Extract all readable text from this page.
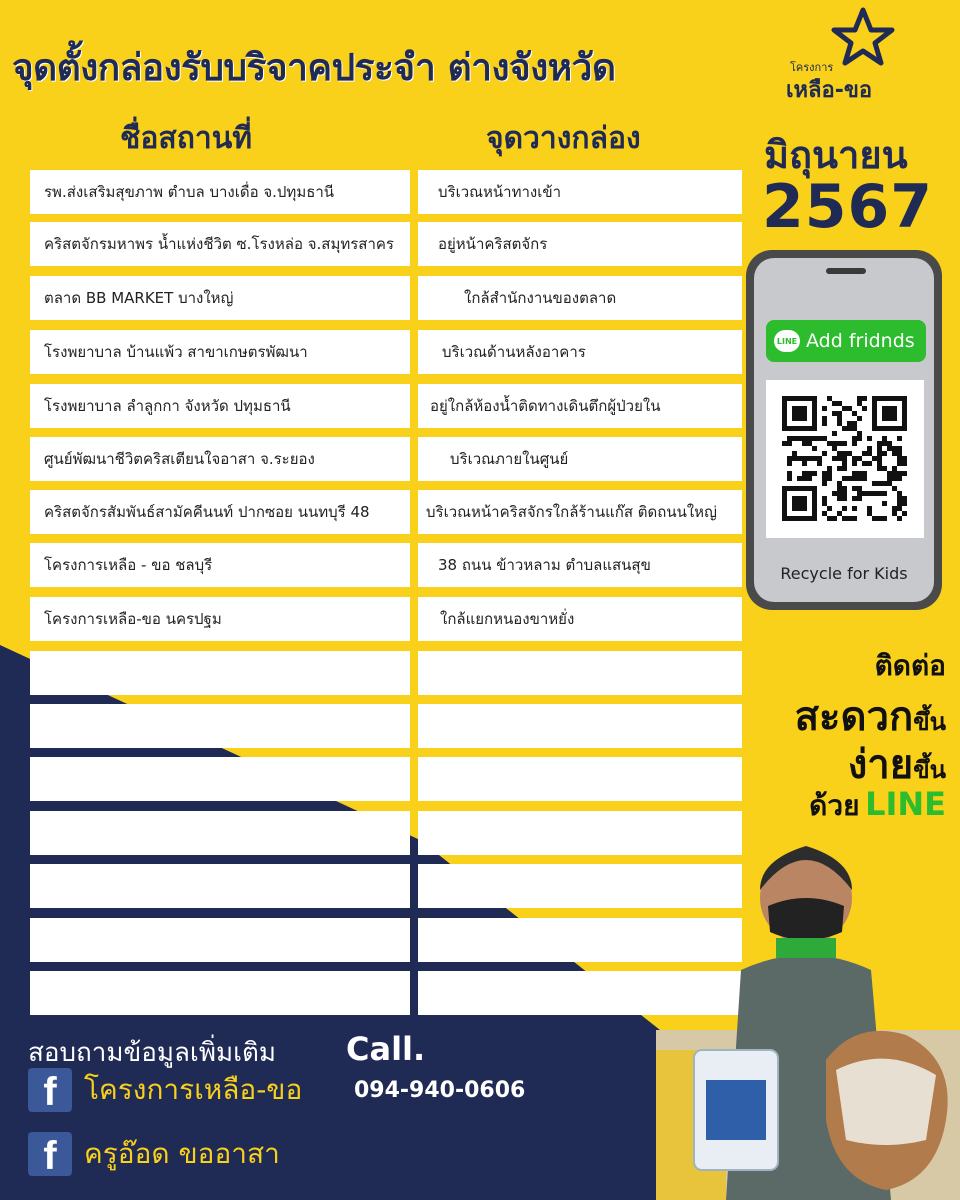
จุดตั้งกล่องรับบริจาคประจำ ต่างจังหวัด	โครงการ
เหลือ-ขอ
ชื่อสถานที่	จุดวางกล่อง
รพ.ส่งเสริมสุขภาพ ตำบล บางเดื่อ จ.ปทุมธานี	บริเวณหน้าทางเข้า
คริสตจักรมหาพร น้ำแห่งชีวิต ซ.โรงหล่อ จ.สมุทรสาคร	อยู่หน้าคริสตจักร
ตลาด BB MARKET บางใหญ่	ใกล้สำนักงานของตลาด
โรงพยาบาล บ้านแพ้ว สาขาเกษตรพัฒนา	บริเวณด้านหลังอาคาร
โรงพยาบาล ลำลูกกา จังหวัด ปทุมธานี	อยู่ใกล้ห้องน้ำติดทางเดินตึกผู้ป่วยใน
ศูนย์พัฒนาชีวิตคริสเตียนใจอาสา จ.ระยอง	บริเวณภายในศูนย์
คริสตจักรสัมพันธ์สามัคคีนนท์ ปากซอย นนทบุรี 48	บริเวณหน้าคริสจักรใกล้ร้านแก๊ส ติดถนนใหญ่
โครงการเหลือ - ขอ ชลบุรี	38 ถนน ข้าวหลาม ตำบลแสนสุข
โครงการเหลือ-ขอ นครปฐม	ใกล้แยกหนองขาหยั่ง
มิถุนายน
2567
LINE Add fridnds
Recycle for Kids
ติดต่อ
สะดวกขึ้น
ง่ายขึ้น
ด้วย LINE
สอบถามข้อมูลเพิ่มเติม
f โครงการเหลือ-ขอ
f ครูอ๊อด ขออาสา
Call.
094-940-0606
